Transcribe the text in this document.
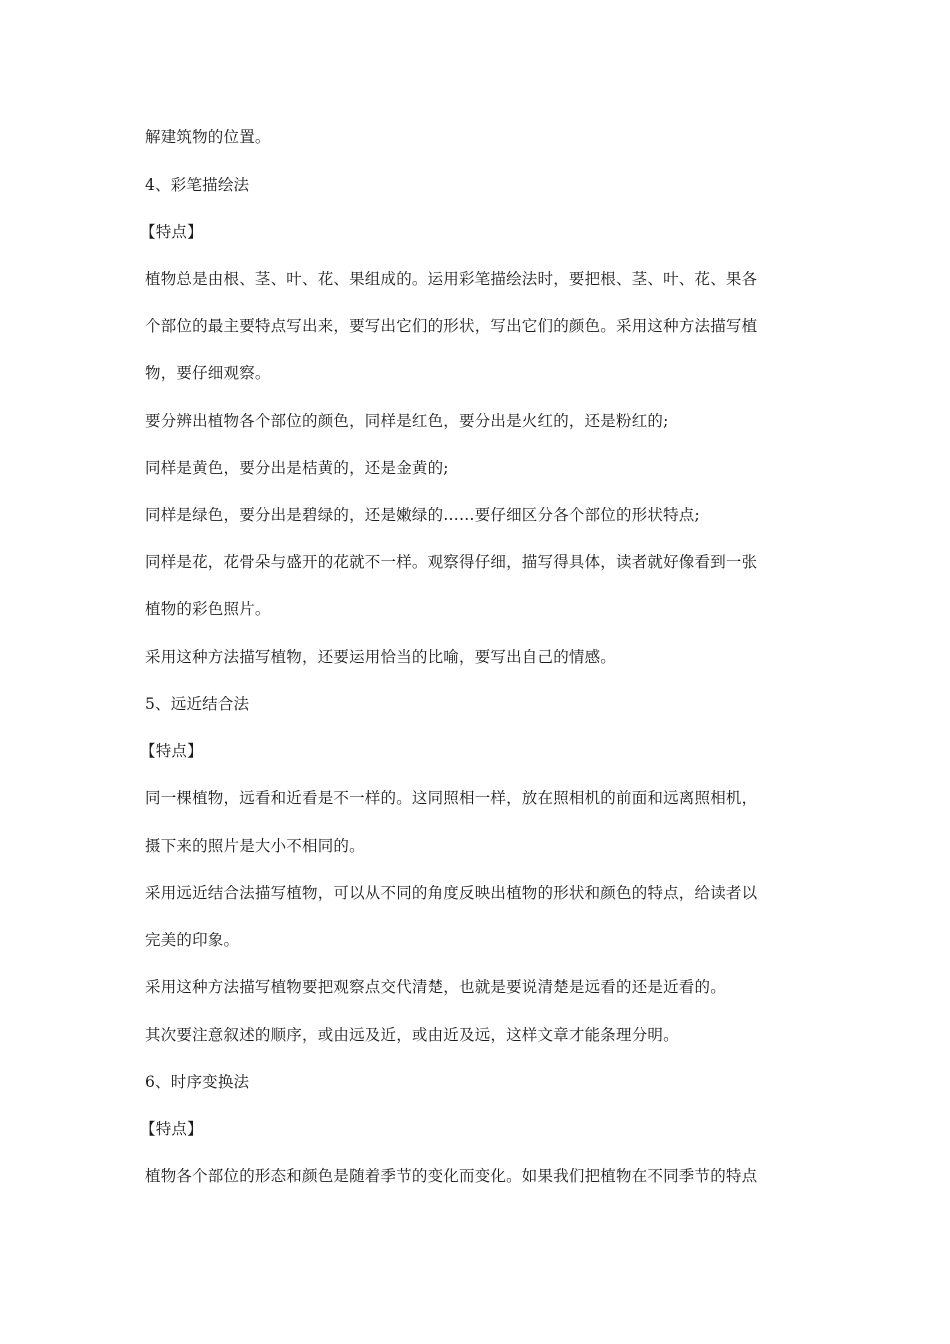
解建筑物的位置。
4、彩笔描绘法
【特点】
植物总是由根、茎、叶、花、果组成的。运用彩笔描绘法时，要把根、茎、叶、花、果各
个部位的最主要特点写出来，要写出它们的形状，写出它们的颜色。采用这种方法描写植
物，要仔细观察。
要分辨出植物各个部位的颜色，同样是红色，要分出是火红的，还是粉红的;
同样是黄色，要分出是桔黄的，还是金黄的;
同样是绿色，要分出是碧绿的，还是嫩绿的……要仔细区分各个部位的形状特点;
同样是花，花骨朵与盛开的花就不一样。观察得仔细，描写得具体，读者就好像看到一张
植物的彩色照片。
采用这种方法描写植物，还要运用恰当的比喻，要写出自己的情感。
5、远近结合法
【特点】
同一棵植物，远看和近看是不一样的。这同照相一样，放在照相机的前面和远离照相机，
摄下来的照片是大小不相同的。
采用远近结合法描写植物，可以从不同的角度反映出植物的形状和颜色的特点，给读者以
完美的印象。
采用这种方法描写植物要把观察点交代清楚，也就是要说清楚是远看的还是近看的。
其次要注意叙述的顺序，或由远及近，或由近及远，这样文章才能条理分明。
6、时序变换法
【特点】
植物各个部位的形态和颜色是随着季节的变化而变化。如果我们把植物在不同季节的特点
